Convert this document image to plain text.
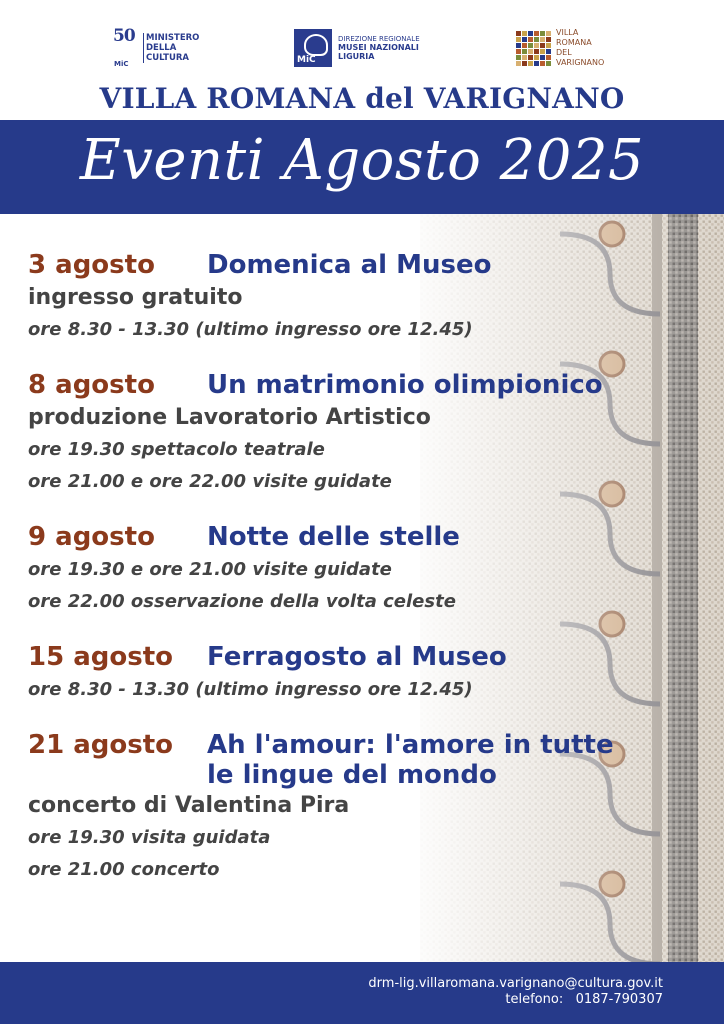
50
MiC
MINISTERO
DELLA
CULTURA	MiC
DIREZIONE REGIONALE
MUSEI NAZIONALI
LIGURIA
VILLA
ROMANA
DEL
VARIGNANO
VILLA ROMANA del VARIGNANO
Eventi Agosto 2025
3 agosto	Domenica al Museo
ingresso gratuito
ore 8.30 - 13.30 (ultimo ingresso ore 12.45)
8 agosto	Un matrimonio olimpionico
produzione Lavoratorio Artistico
ore 19.30 spettacolo teatrale
ore 21.00 e ore 22.00 visite guidate
9 agosto	Notte delle stelle
ore 19.30 e ore 21.00 visite guidate
ore 22.00 osservazione della volta celeste
15 agosto	Ferragosto al Museo
ore 8.30 - 13.30 (ultimo ingresso ore 12.45)
21 agosto	Ah l'amour: l'amore in tutte
le lingue del mondo
concerto di Valentina Pira
ore 19.30 visita guidata
ore 21.00 concerto
drm-lig.villaromana.varignano@cultura.gov.it
telefono:   0187-790307
